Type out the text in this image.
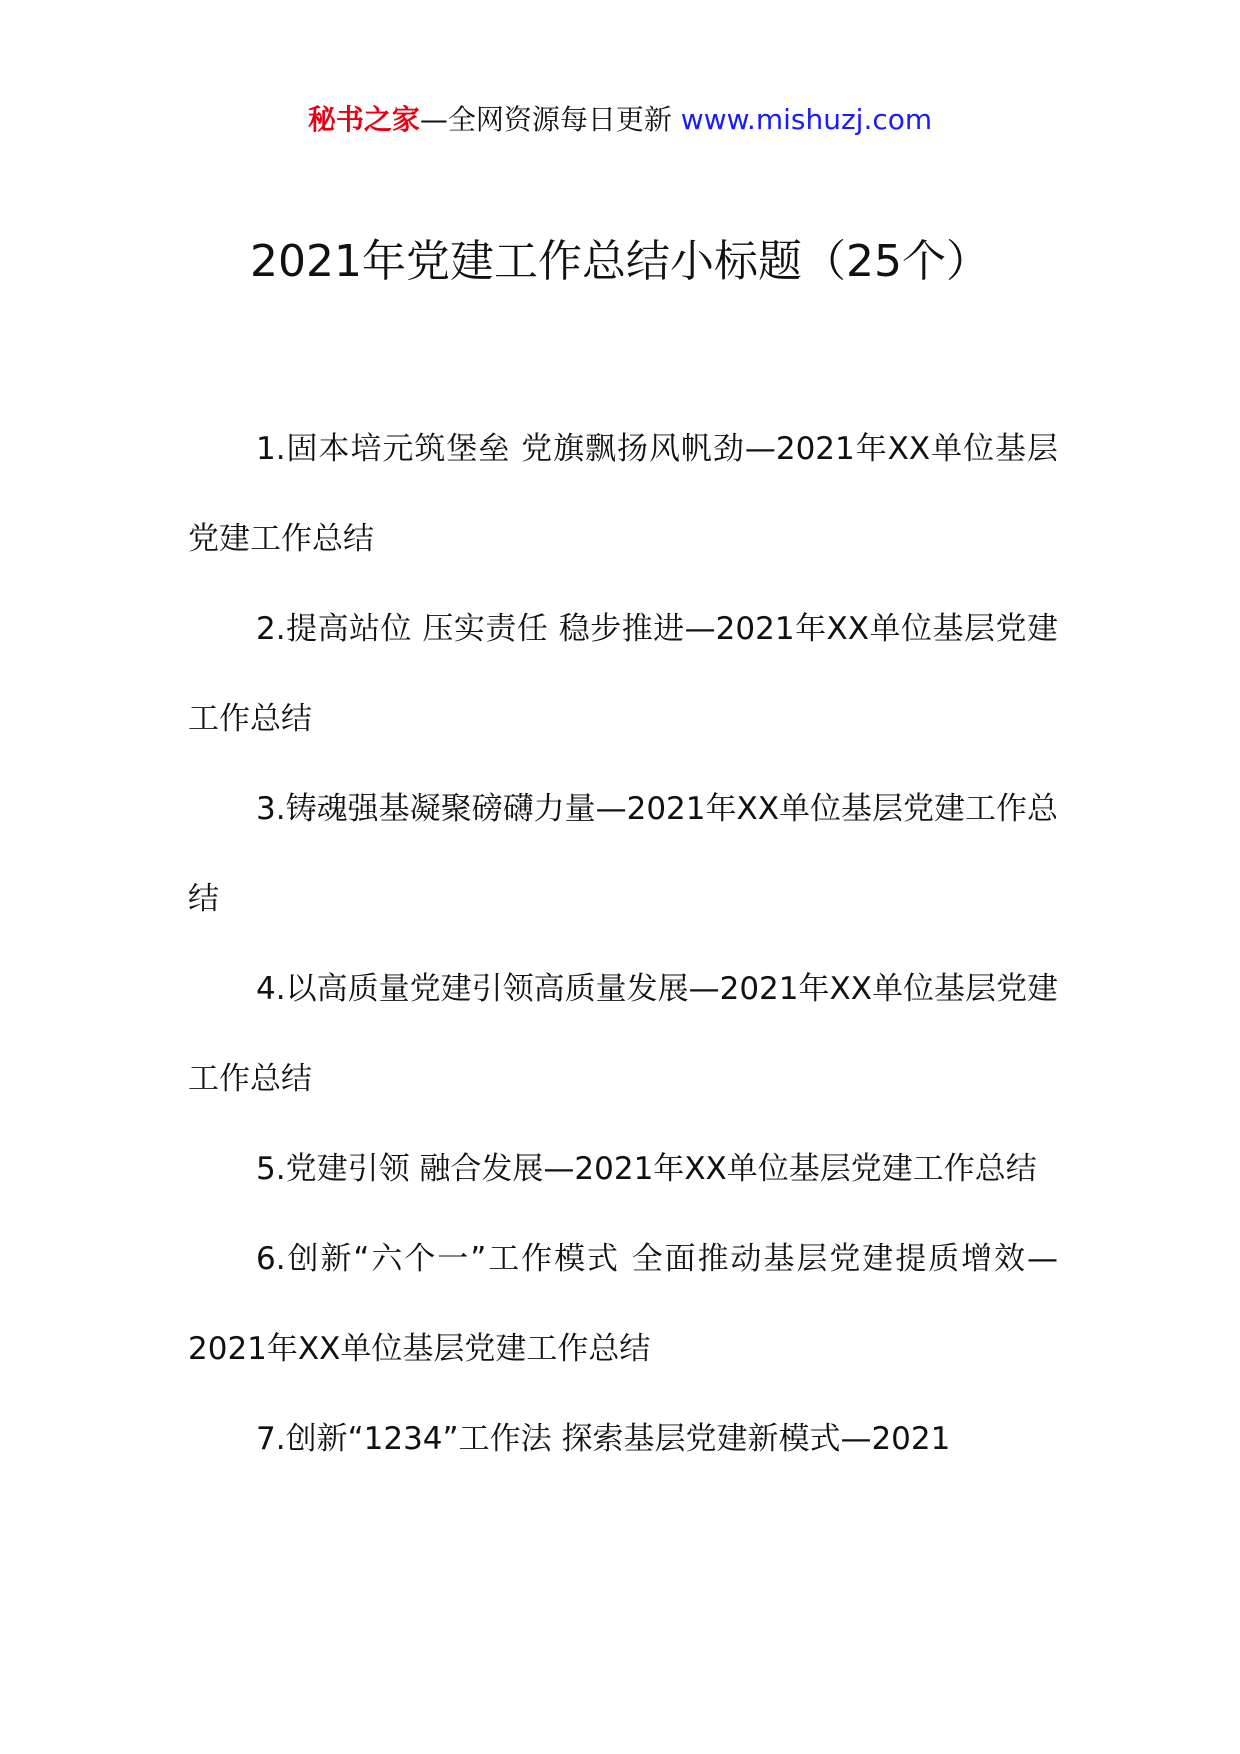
秘书之家—全网资源每日更新 www.mishuzj.com
2021年党建工作总结小标题（25个）

1.固本培元筑堡垒 党旗飘扬风帆劲—2021年XX单位基层党建工作总结

2.提高站位 压实责任 稳步推进—2021年XX单位基层党建工作总结

3.铸魂强基凝聚磅礴力量—2021年XX单位基层党建工作总结

4.以高质量党建引领高质量发展—2021年XX单位基层党建工作总结

5.党建引领 融合发展—2021年XX单位基层党建工作总结

6.创新“六个一”工作模式 全面推动基层党建提质增效—2021年XX单位基层党建工作总结

7.创新“1234”工作法 探索基层党建新模式—2021
